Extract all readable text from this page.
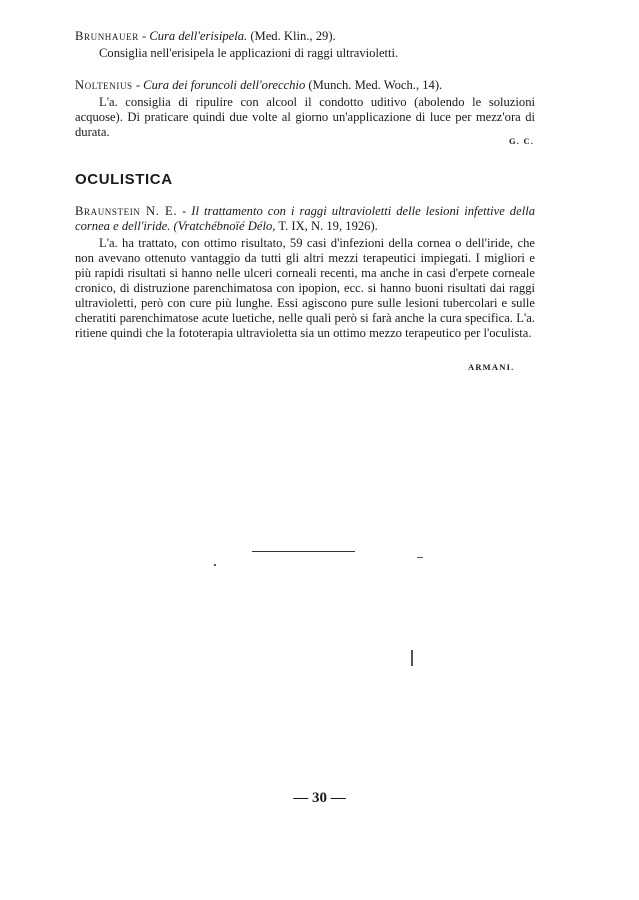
Brunhauer - Cura dell'erisipela. (Med. Klin., 29).

Consiglia nell'erisipela le applicazioni di raggi ultravioletti.

Noltenius - Cura dei foruncoli dell'orecchio (Munch. Med. Woch., 14).

L'a. consiglia di ripulire con alcool il condotto uditivo (abolendo le soluzioni acquose). Di praticare quindi due volte al giorno un'applicazione di luce per mezz'ora di durata.

G. C.
OCULISTICA

Braunstein N. E. - Il trattamento con i raggi ultravioletti delle lesioni infettive della cornea e dell'iride. (Vratchébnoïé Délo, T. IX, N. 19, 1926).

L'a. ha trattato, con ottimo risultato, 59 casi d'infezioni della cornea o dell'iride, che non avevano ottenuto vantaggio da tutti gli altri mezzi terapeutici impiegati. I migliori e più rapidi risultati si hanno nelle ulceri corneali recenti, ma anche in casi d'erpete corneale cronico, di distruzione parenchimatosa con ipopion, ecc. si hanno buoni risultati dai raggi ultravioletti, però con cure più lunghe. Essi agiscono pure sulle lesioni tubercolari e sulle cheratiti parenchimatose acute luetiche, nelle quali però si farà anche la cura specifica. L'a. ritiene quindi che la fototerapia ultravioletta sia un ottimo mezzo terapeutico per l'oculista.

ARMANI.
— 30 —
